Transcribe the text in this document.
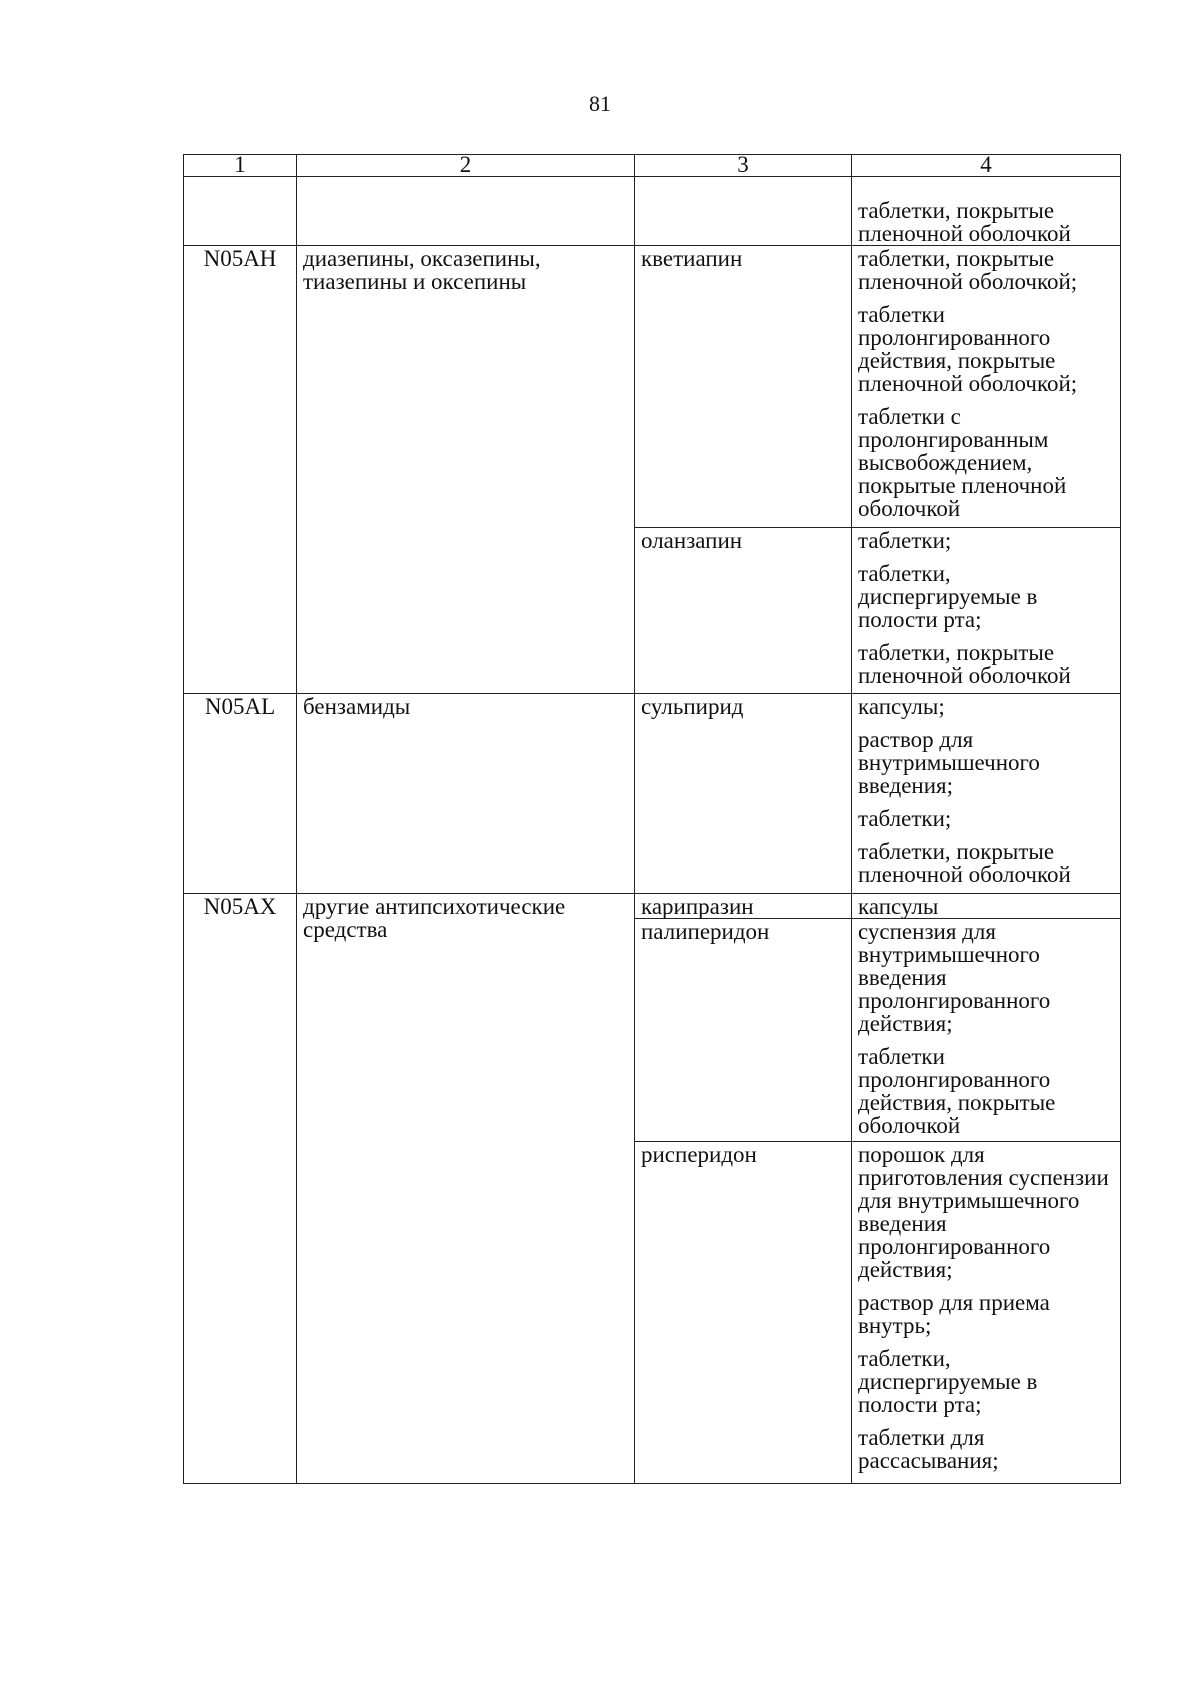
81
1	2	3	4

			таблетки, покрытые пленочной оболочкой

N05AH	диазепины, оксазепины, тиазепины и оксепины	кветиапин	таблетки, покрытые пленочной оболочкой;
таблетки пролонгированного действия, покрытые пленочной оболочкой;
таблетки с пролонгированным высвобождением, покрытые пленочной оболочкой

		оланзапин	таблетки;
таблетки, диспергируемые в полости рта;
таблетки, покрытые пленочной оболочкой

N05AL	бензамиды	сульпирид	капсулы;
раствор для внутримышечного введения;
таблетки;
таблетки, покрытые пленочной оболочкой

N05AX	другие антипсихотические средства	карипразин	капсулы

		палиперидон	суспензия для внутримышечного введения пролонгированного действия;
таблетки пролонгированного действия, покрытые оболочкой

		рисперидон	порошок для приготовления суспензии для внутримышечного введения пролонгированного действия;
раствор для приема внутрь;
таблетки, диспергируемые в полости рта;
таблетки для рассасывания;
